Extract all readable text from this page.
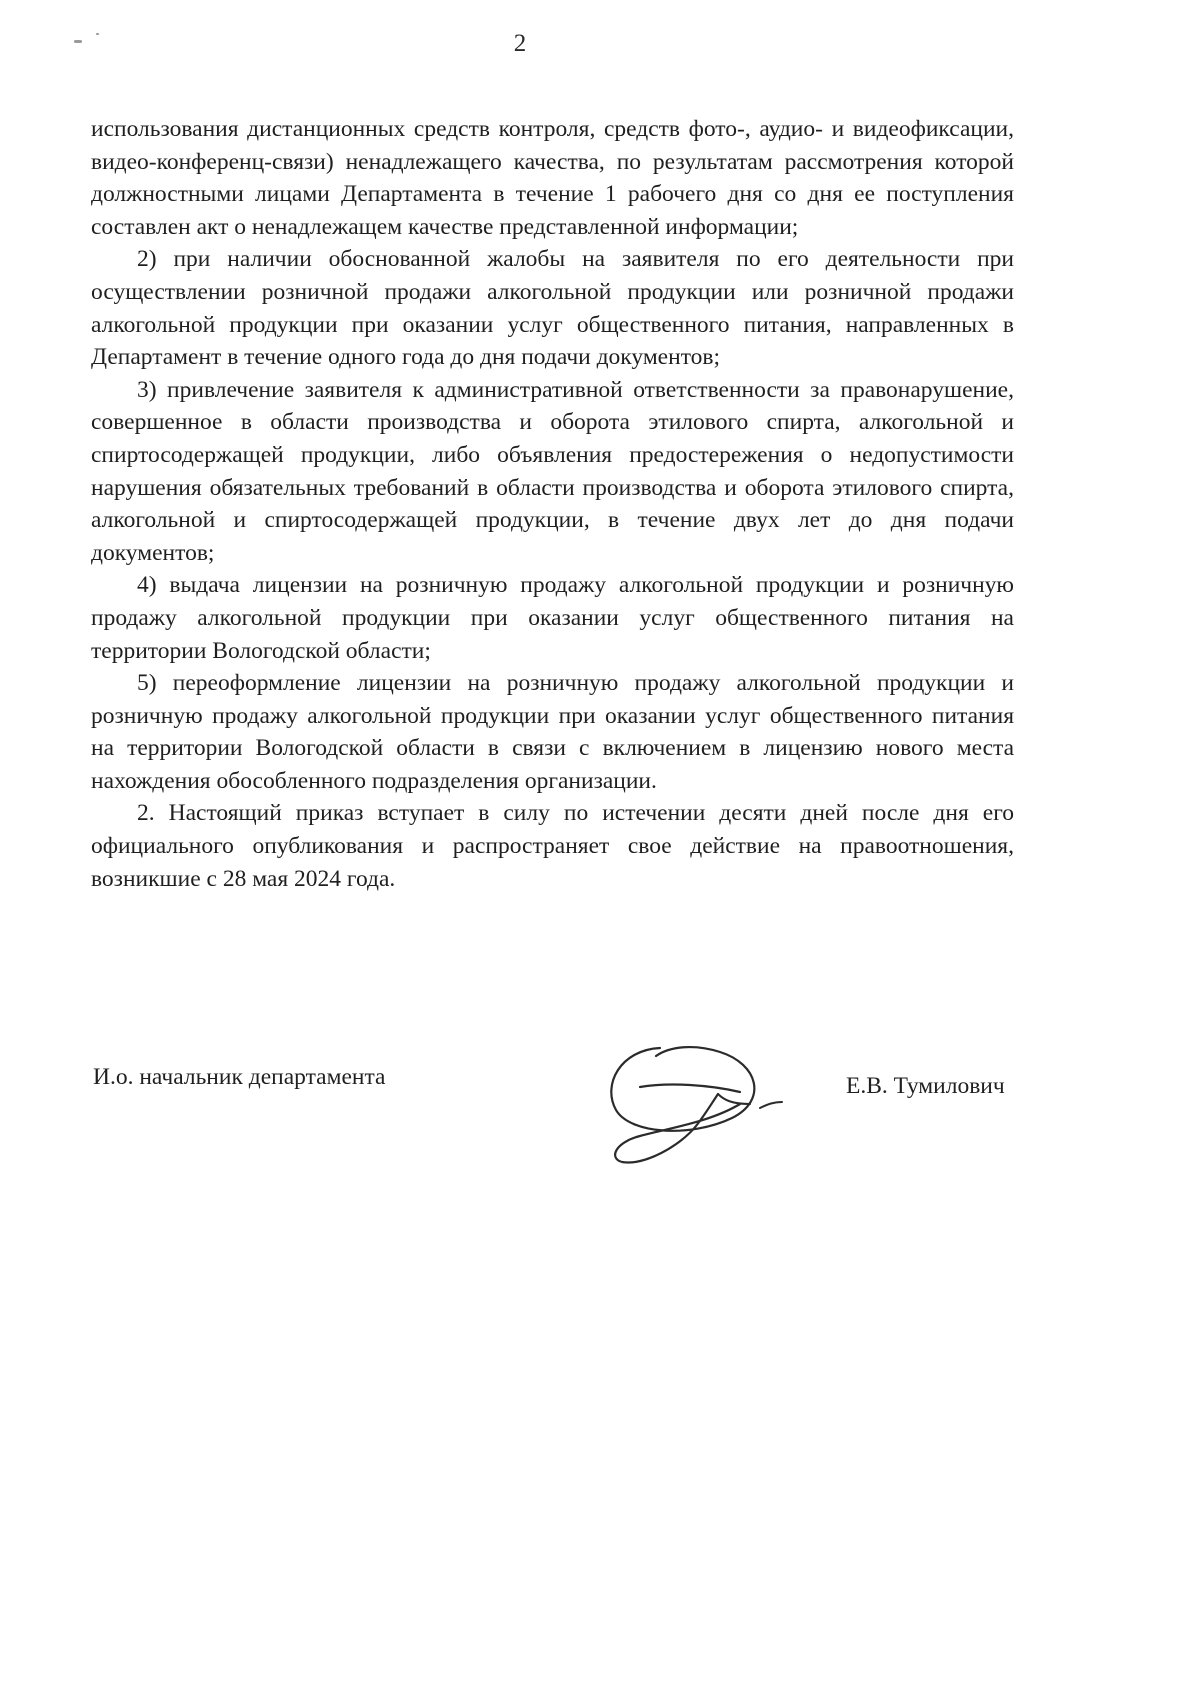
2

использования дистанционных средств контроля, средств фото-, аудио- и видеофиксации, видео-конференц-связи) ненадлежащего качества, по результатам рассмотрения которой должностными лицами Департамента в течение 1 рабочего дня со дня ее поступления составлен акт о ненадлежащем качестве представленной информации;

2) при наличии обоснованной жалобы на заявителя по его деятельности при осуществлении розничной продажи алкогольной продукции или розничной продажи алкогольной продукции при оказании услуг общественного питания, направленных в Департамент в течение одного года до дня подачи документов;

3) привлечение заявителя к административной ответственности за правонарушение, совершенное в области производства и оборота этилового спирта, алкогольной и спиртосодержащей продукции, либо объявления предостережения о недопустимости нарушения обязательных требований в области производства и оборота этилового спирта, алкогольной и спиртосодержащей продукции, в течение двух лет до дня подачи документов;

4) выдача лицензии на розничную продажу алкогольной продукции и розничную продажу алкогольной продукции при оказании услуг общественного питания на территории Вологодской области;

5) переоформление лицензии на розничную продажу алкогольной продукции и розничную продажу алкогольной продукции при оказании услуг общественного питания на территории Вологодской области в связи с включением в лицензию нового места нахождения обособленного подразделения организации.

2. Настоящий приказ вступает в силу по истечении десяти дней после дня его официального опубликования и распространяет свое действие на правоотношения, возникшие с 28 мая 2024 года.

И.о. начальник департамента	Е.В. Тумилович
